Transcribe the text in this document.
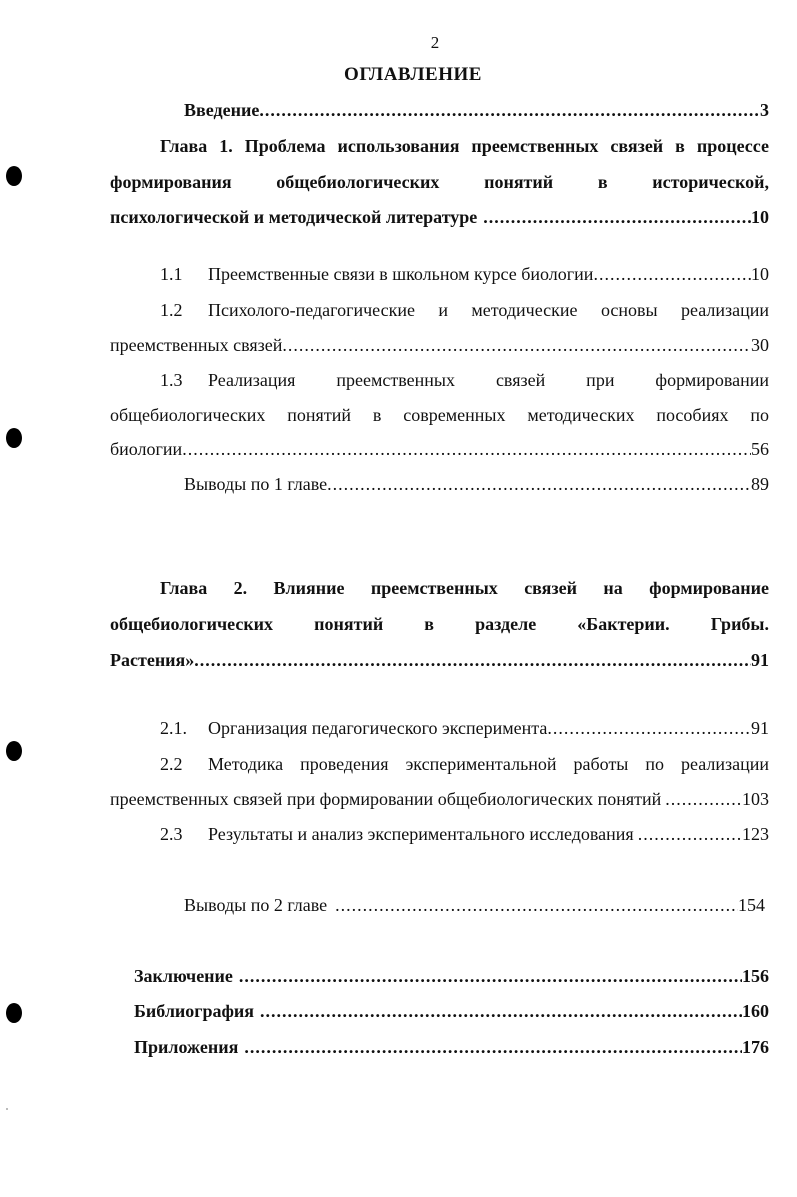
2
ОГЛАВЛЕНИЕ
Введение .....	3
Глава 1. Проблема использования преемственных связей в процессе
формирования общебиологических понятий в исторической,
психологической и методической литературе .....	10
1.1	Преемственные связи в школьном курсе биологии .....	10
1.2 Психолого-педагогические и методические основы реализации
преемственных связей .....	30
1.3 Реализация преемственных связей при формировании
общебиологических понятий в современных методических пособиях по
биологии .....	56
Выводы по 1 главе .....	89
Глава 2. Влияние преемственных связей на формирование
общебиологических понятий в разделе «Бактерии. Грибы.
Растения» .....	91
2.1.	Организация педагогического эксперимента .....	91
2.2 Методика проведения экспериментальной работы по реализации
преемственных связей при формировании общебиологических понятий .....	103
2.3	Результаты и анализ экспериментального исследования .....	123
Выводы по 2 главе .....	154
Заключение .....	156
Библиография .....	160
Приложения .....	176
